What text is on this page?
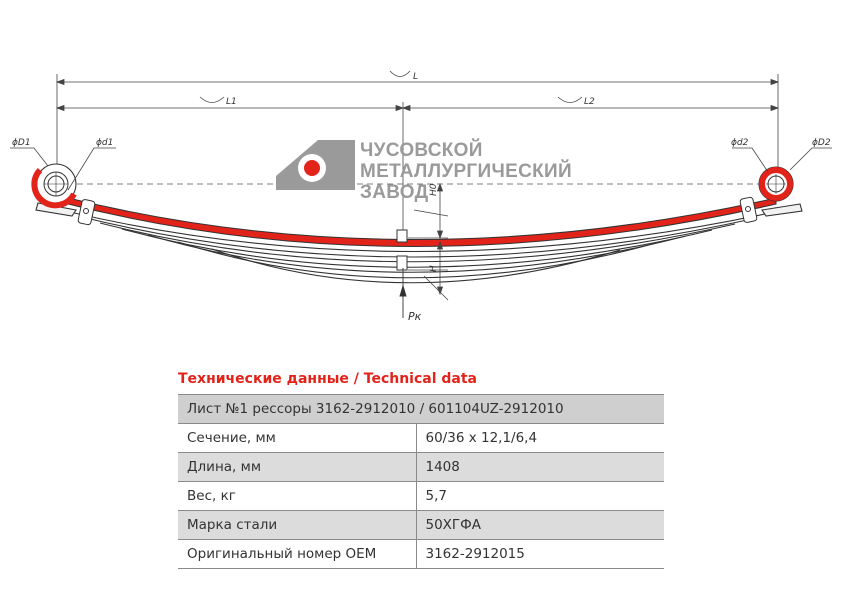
L
L1	L2
ЧУСОВСКОЙ
МЕТАЛЛУРГИЧЕСКИЙ
ЗАВОД
ϕD1	ϕd1	ϕd2	ϕD2
H0
H
Pк
Технические данные / Technical data
Лист №1 рессоры 3162-2912010 / 601104UZ-2912010	
Сечение, мм	60/36 x 12,1/6,4
Длина, мм	1408
Вес, кг	5,7
Марка стали	50ХГФА
Оригинальный номер OEM	3162-2912015
